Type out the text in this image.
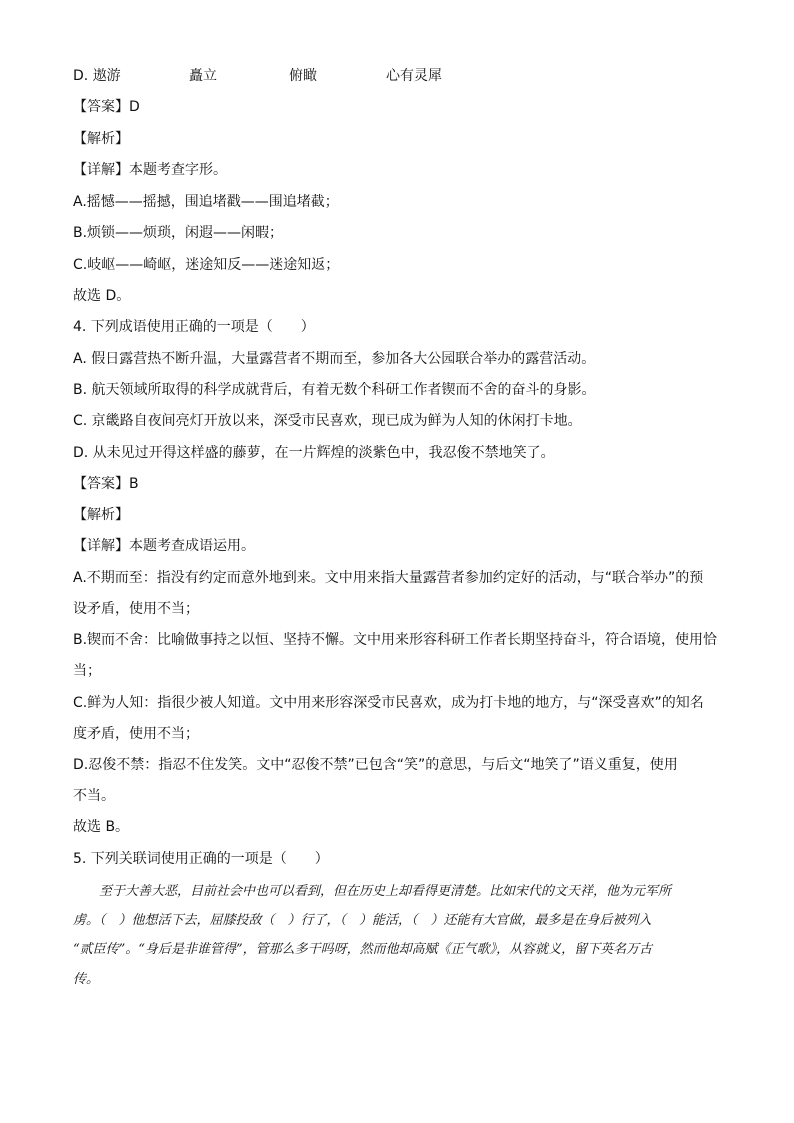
D. 遨游	矗立	俯瞰	心有灵犀
【答案】D
【解析】
【详解】本题考查字形。
A.摇憾——摇撼，围追堵戳——围追堵截；
B.烦锁——烦琐，闲遐——闲暇；
C.岐岖——崎岖，迷途知反——迷途知返；
故选 D。
4. 下列成语使用正确的一项是（　　）
A. 假日露营热不断升温，大量露营者不期而至，参加各大公园联合举办的露营活动。
B. 航天领域所取得的科学成就背后，有着无数个科研工作者锲而不舍的奋斗的身影。
C. 京畿路自夜间亮灯开放以来，深受市民喜欢，现已成为鲜为人知的休闲打卡地。
D. 从未见过开得这样盛的藤萝，在一片辉煌的淡紫色中，我忍俊不禁地笑了。
【答案】B
【解析】
【详解】本题考查成语运用。
A.不期而至：指没有约定而意外地到来。文中用来指大量露营者参加约定好的活动，与“联合举办”的预
设矛盾，使用不当；
B.锲而不舍：比喻做事持之以恒、坚持不懈。文中用来形容科研工作者长期坚持奋斗，符合语境，使用恰
当；
C.鲜为人知：指很少被人知道。文中用来形容深受市民喜欢，成为打卡地的地方，与“深受喜欢”的知名
度矛盾，使用不当；
D.忍俊不禁：指忍不住发笑。文中“忍俊不禁”已包含“笑”的意思，与后文“地笑了”语义重复，使用
不当。
故选 B。
5. 下列关联词使用正确的一项是（　　）
至于大善大恶，目前社会中也可以看到，但在历史上却看得更清楚。比如宋代的文天祥，他为元军所
虏。（　）他想活下去，屈膝投敌（　）行了，（　）能活，（　）还能有大官做，最多是在身后被列入
“贰臣传”。“身后是非谁管得”，管那么多干吗呀，然而他却高赋《正气歌》，从容就义，留下英名万古
传。
